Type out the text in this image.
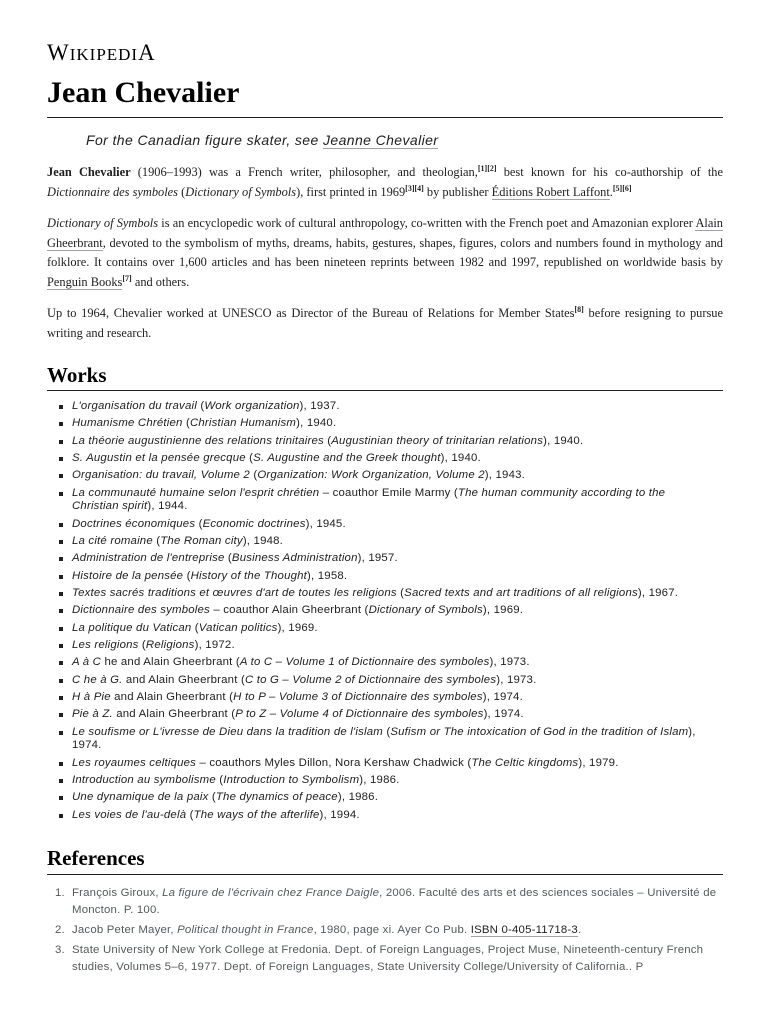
WIKIPEDIA
Jean Chevalier
For the Canadian figure skater, see Jeanne Chevalier

Jean Chevalier (1906–1993) was a French writer, philosopher, and theologian,[1][2] best known for his co-authorship of the Dictionnaire des symboles (Dictionary of Symbols), first printed in 1969[3][4] by publisher Éditions Robert Laffont.[5][6]

Dictionary of Symbols is an encyclopedic work of cultural anthropology, co-written with the French poet and Amazonian explorer Alain Gheerbrant, devoted to the symbolism of myths, dreams, habits, gestures, shapes, figures, colors and numbers found in mythology and folklore. It contains over 1,600 articles and has been nineteen reprints between 1982 and 1997, republished on worldwide basis by Penguin Books[7] and others.

Up to 1964, Chevalier worked at UNESCO as Director of the Bureau of Relations for Member States[8] before resigning to pursue writing and research.

Works
L'organisation du travail (Work organization), 1937.
Humanisme Chrétien (Christian Humanism), 1940.
La théorie augustinienne des relations trinitaires (Augustinian theory of trinitarian relations), 1940.
S. Augustin et la pensée grecque (S. Augustine and the Greek thought), 1940.
Organisation: du travail, Volume 2 (Organization: Work Organization, Volume 2), 1943.
La communauté humaine selon l'esprit chrétien – coauthor Emile Marmy (The human community according to the Christian spirit), 1944.
Doctrines économiques (Economic doctrines), 1945.
La cité romaine (The Roman city), 1948.
Administration de l'entreprise (Business Administration), 1957.
Histoire de la pensée (History of the Thought), 1958.
Textes sacrés traditions et œuvres d'art de toutes les religions (Sacred texts and art traditions of all religions), 1967.
Dictionnaire des symboles – coauthor Alain Gheerbrant (Dictionary of Symbols), 1969.
La politique du Vatican (Vatican politics), 1969.
Les religions (Religions), 1972.
A à C he and Alain Gheerbrant (A to C – Volume 1 of Dictionnaire des symboles), 1973.
C he à G. and Alain Gheerbrant (C to G – Volume 2 of Dictionnaire des symboles), 1973.
H à Pie and Alain Gheerbrant (H to P – Volume 3 of Dictionnaire des symboles), 1974.
Pie à Z. and Alain Gheerbrant (P to Z – Volume 4 of Dictionnaire des symboles), 1974.
Le soufisme or L'ivresse de Dieu dans la tradition de l'islam (Sufism or The intoxication of God in the tradition of Islam), 1974.
Les royaumes celtiques – coauthors Myles Dillon, Nora Kershaw Chadwick (The Celtic kingdoms), 1979.
Introduction au symbolisme (Introduction to Symbolism), 1986.
Une dynamique de la paix (The dynamics of peace), 1986.
Les voies de l'au-delà (The ways of the afterlife), 1994.
References
1. François Giroux, La figure de l'écrivain chez France Daigle, 2006. Faculté des arts et des sciences sociales – Université de Moncton. P. 100.
2. Jacob Peter Mayer, Political thought in France, 1980, page xi. Ayer Co Pub. ISBN 0-405-11718-3.
3. State University of New York College at Fredonia. Dept. of Foreign Languages, Project Muse, Nineteenth-century French studies, Volumes 5–6, 1977. Dept. of Foreign Languages, State University College/University of California.. P
